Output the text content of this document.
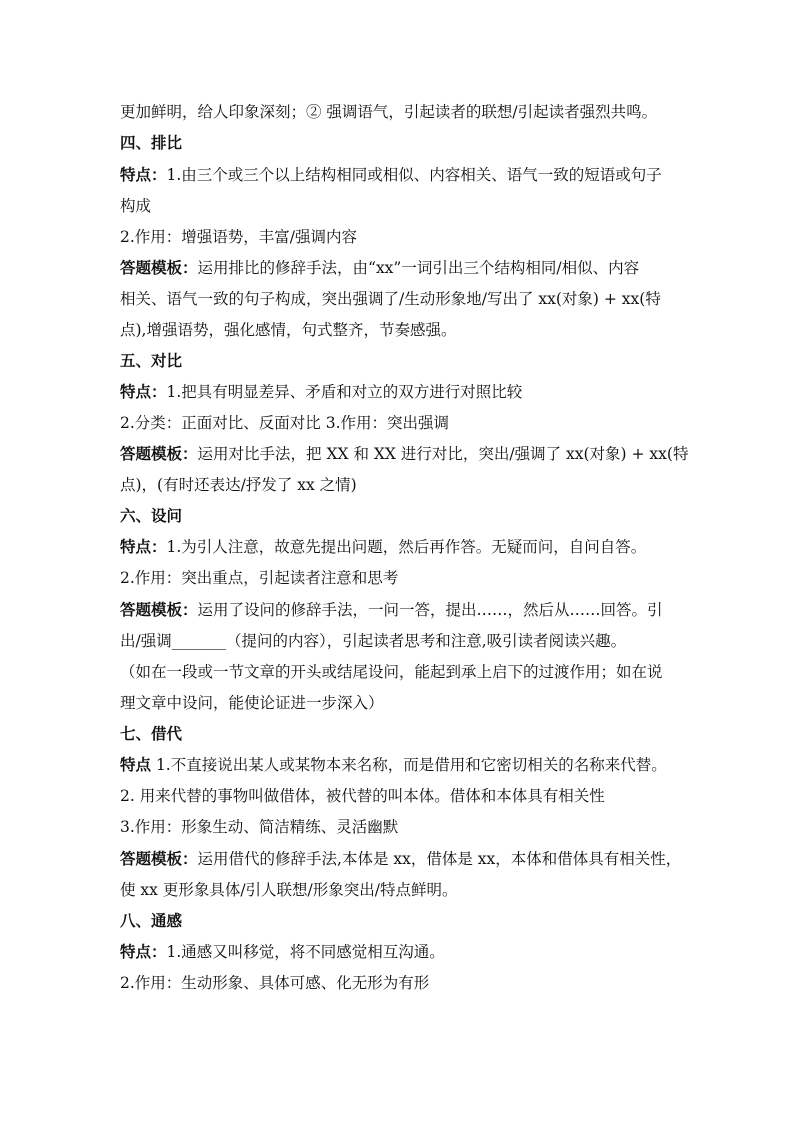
更加鲜明，给人印象深刻；② 强调语气，引起读者的联想/引起读者强烈共鸣。
四、排比
特点：1.由三个或三个以上结构相同或相似、内容相关、语气一致的短语或句子
构成
2.作用：增强语势，丰富/强调内容
答题模板：运用排比的修辞手法，由“xx”一词引出三个结构相同/相似、内容
相关、语气一致的句子构成，突出强调了/生动形象地/写出了 xx(对象) + xx(特
点),增强语势，强化感情，句式整齐，节奏感强。
五、对比
特点：1.把具有明显差异、矛盾和对立的双方进行对照比较
2.分类：正面对比、反面对比 3.作用：突出强调
答题模板：运用对比手法，把 XX 和 XX 进行对比，突出/强调了 xx(对象) + xx(特
点)，(有时还表达/抒发了 xx 之情)
六、设问
特点：1.为引人注意，故意先提出问题，然后再作答。无疑而问，自问自答。
2.作用：突出重点，引起读者注意和思考
答题模板：运用了设问的修辞手法，一问一答，提出……，然后从……回答。引
出/强调_______（提问的内容），引起读者思考和注意,吸引读者阅读兴趣。
（如在一段或一节文章的开头或结尾设问，能起到承上启下的过渡作用；如在说
理文章中设问，能使论证进一步深入）
七、借代
特点 1.不直接说出某人或某物本来名称，而是借用和它密切相关的名称来代替。
2. 用来代替的事物叫做借体，被代替的叫本体。借体和本体具有相关性
3.作用：形象生动、简洁精练、灵活幽默
答题模板：运用借代的修辞手法,本体是 xx，借体是 xx，本体和借体具有相关性，
使 xx 更形象具体/引人联想/形象突出/特点鲜明。
八、通感
特点：1.通感又叫移觉，将不同感觉相互沟通。
2.作用：生动形象、具体可感、化无形为有形
